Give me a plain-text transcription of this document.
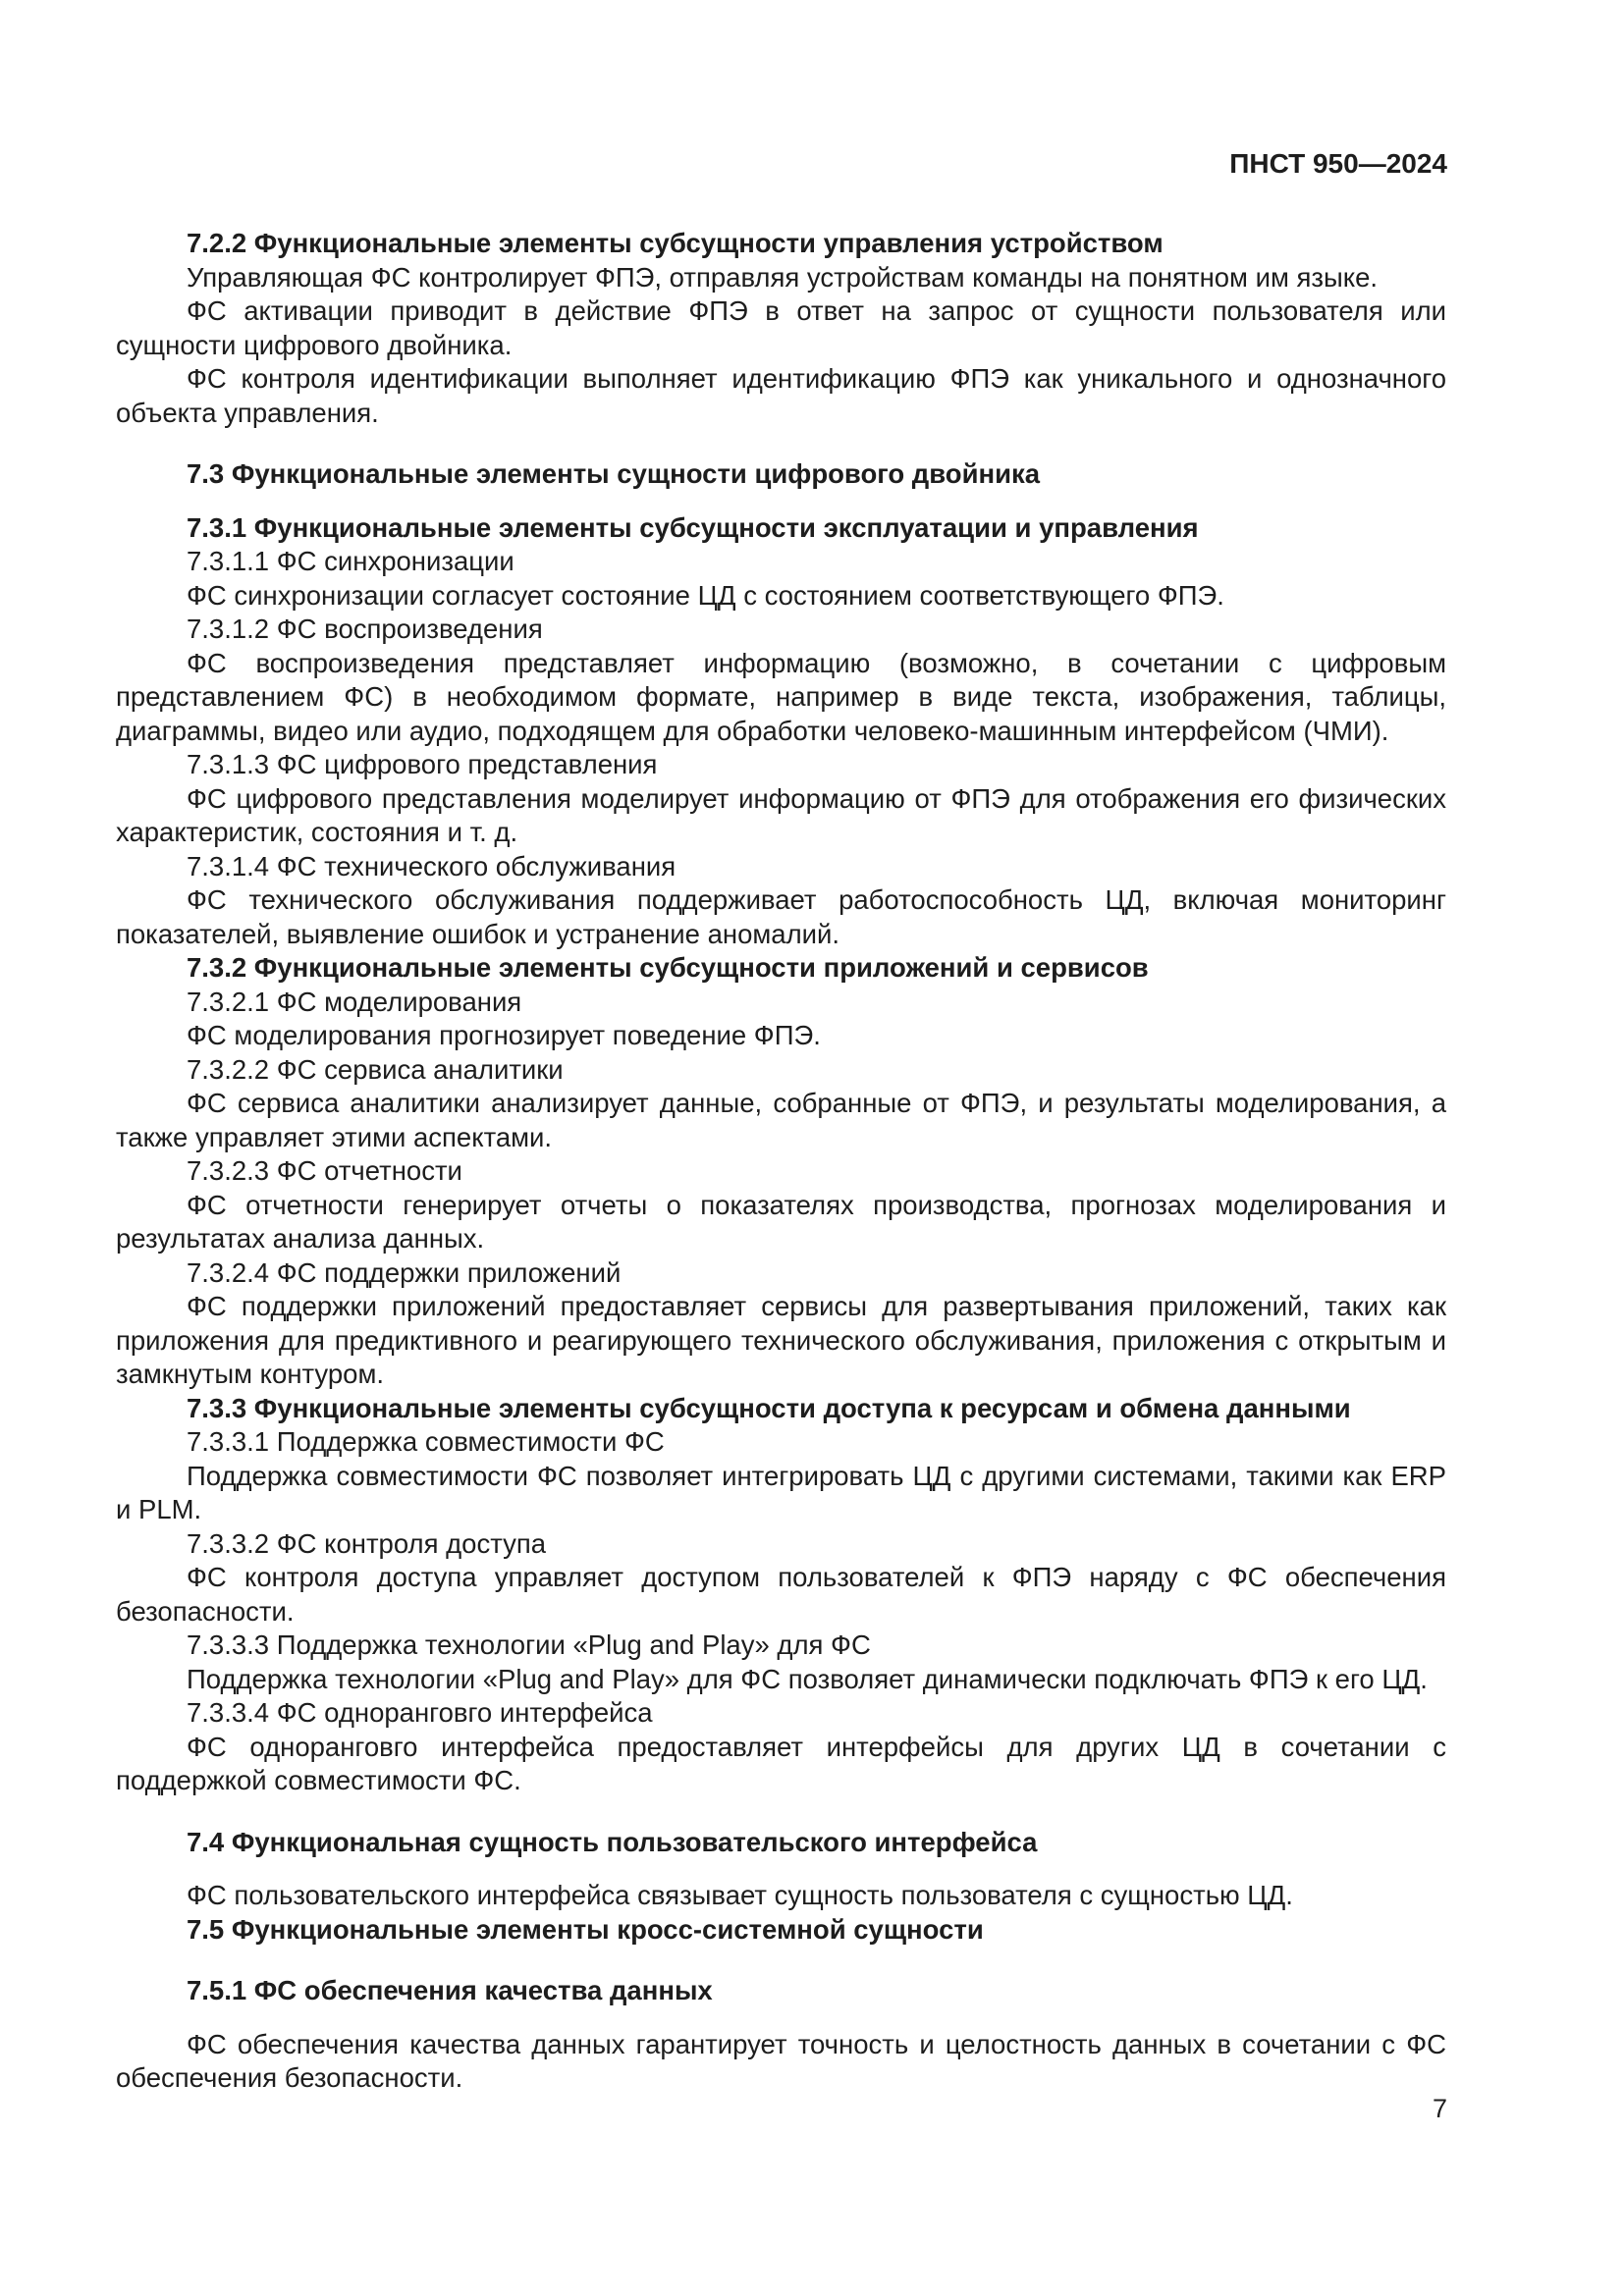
ПНСТ 950—2024

7.2.2 Функциональные элементы субсущности управления устройством

Управляющая ФС контролирует ФПЭ, отправляя устройствам команды на понятном им языке.

ФС активации приводит в действие ФПЭ в ответ на запрос от сущности пользователя или сущности цифрового двойника.

ФС контроля идентификации выполняет идентификацию ФПЭ как уникального и однозначного объекта управления.

7.3 Функциональные элементы сущности цифрового двойника

7.3.1 Функциональные элементы субсущности эксплуатации и управления

7.3.1.1 ФС синхронизации

ФС синхронизации согласует состояние ЦД с состоянием соответствующего ФПЭ.

7.3.1.2 ФС воспроизведения

ФС воспроизведения представляет информацию (возможно, в сочетании с цифровым представлением ФС) в необходимом формате, например в виде текста, изображения, таблицы, диаграммы, видео или аудио, подходящем для обработки человеко-машинным интерфейсом (ЧМИ).

7.3.1.3 ФС цифрового представления

ФС цифрового представления моделирует информацию от ФПЭ для отображения его физических характеристик, состояния и т. д.

7.3.1.4 ФС технического обслуживания

ФС технического обслуживания поддерживает работоспособность ЦД, включая мониторинг показателей, выявление ошибок и устранение аномалий.

7.3.2 Функциональные элементы субсущности приложений и сервисов

7.3.2.1 ФС моделирования

ФС моделирования прогнозирует поведение ФПЭ.

7.3.2.2 ФС сервиса аналитики

ФС сервиса аналитики анализирует данные, собранные от ФПЭ, и результаты моделирования, а также управляет этими аспектами.

7.3.2.3 ФС отчетности

ФС отчетности генерирует отчеты о показателях производства, прогнозах моделирования и результатах анализа данных.

7.3.2.4 ФС поддержки приложений

ФС поддержки приложений предоставляет сервисы для развертывания приложений, таких как приложения для предиктивного и реагирующего технического обслуживания, приложения с открытым и замкнутым контуром.

7.3.3 Функциональные элементы субсущности доступа к ресурсам и обмена данными

7.3.3.1 Поддержка совместимости ФС

Поддержка совместимости ФС позволяет интегрировать ЦД с другими системами, такими как ERP и PLM.

7.3.3.2 ФС контроля доступа

ФС контроля доступа управляет доступом пользователей к ФПЭ наряду с ФС обеспечения безопасности.

7.3.3.3 Поддержка технологии «Plug and Play» для ФС

Поддержка технологии «Plug and Play» для ФС позволяет динамически подключать ФПЭ к его ЦД.

7.3.3.4 ФС одноранговго интерфейса

ФС одноранговго интерфейса предоставляет интерфейсы для других ЦД в сочетании с поддержкой совместимости ФС.

7.4 Функциональная сущность пользовательского интерфейса

ФС пользовательского интерфейса связывает сущность пользователя с сущностью ЦД.

7.5 Функциональные элементы кросс-системной сущности

7.5.1 ФС обеспечения качества данных

ФС обеспечения качества данных гарантирует точность и целостность данных в сочетании с ФС обеспечения безопасности.

7
